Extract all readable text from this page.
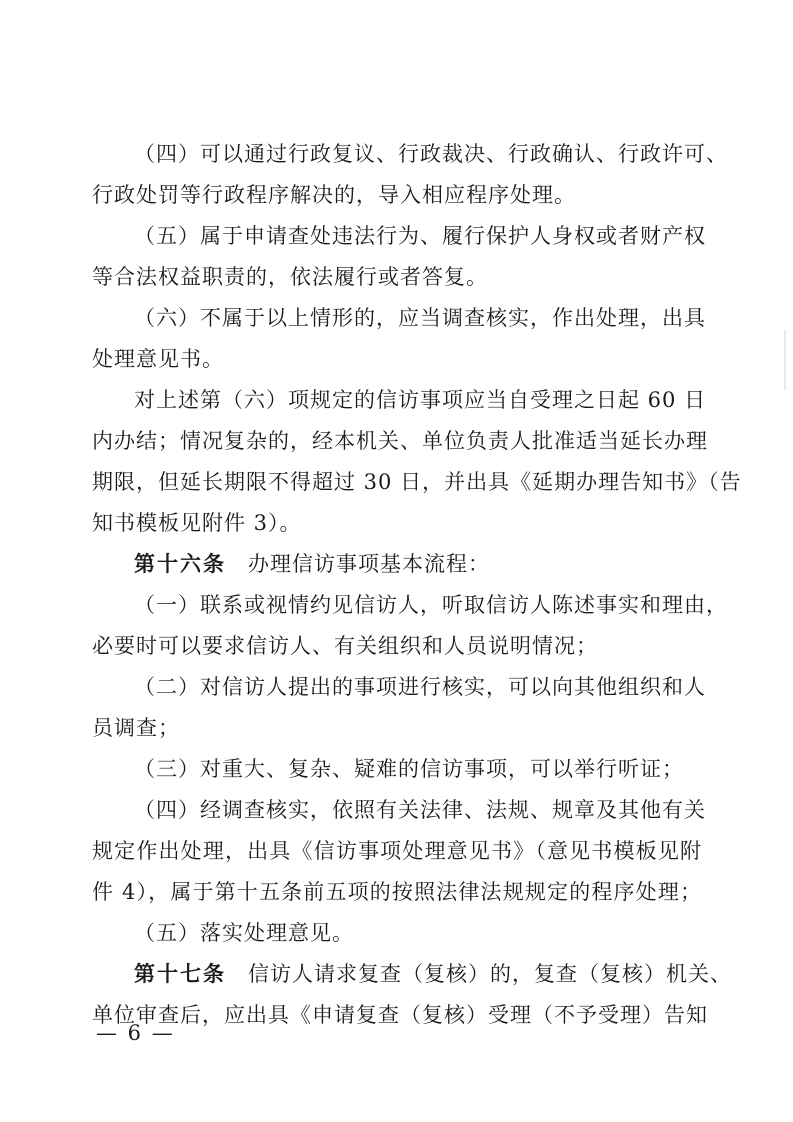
（四）可以通过行政复议、行政裁决、行政确认、行政许可、
行政处罚等行政程序解决的，导入相应程序处理。
（五）属于申请查处违法行为、履行保护人身权或者财产权
等合法权益职责的，依法履行或者答复。
（六）不属于以上情形的，应当调查核实，作出处理，出具
处理意见书。
对上述第（六）项规定的信访事项应当自受理之日起 60 日
内办结；情况复杂的，经本机关、单位负责人批准适当延长办理
期限，但延长期限不得超过 30 日，并出具《延期办理告知书》（告
知书模板见附件 3）。
第十六条 办理信访事项基本流程：
（一）联系或视情约见信访人，听取信访人陈述事实和理由，
必要时可以要求信访人、有关组织和人员说明情况；
（二）对信访人提出的事项进行核实，可以向其他组织和人
员调查；
（三）对重大、复杂、疑难的信访事项，可以举行听证；
（四）经调查核实，依照有关法律、法规、规章及其他有关
规定作出处理，出具《信访事项处理意见书》（意见书模板见附
件 4），属于第十五条前五项的按照法律法规规定的程序处理；
（五）落实处理意见。
第十七条 信访人请求复查（复核）的，复查（复核）机关、
单位审查后，应出具《申请复查（复核）受理（不予受理）告知
— 6 —
